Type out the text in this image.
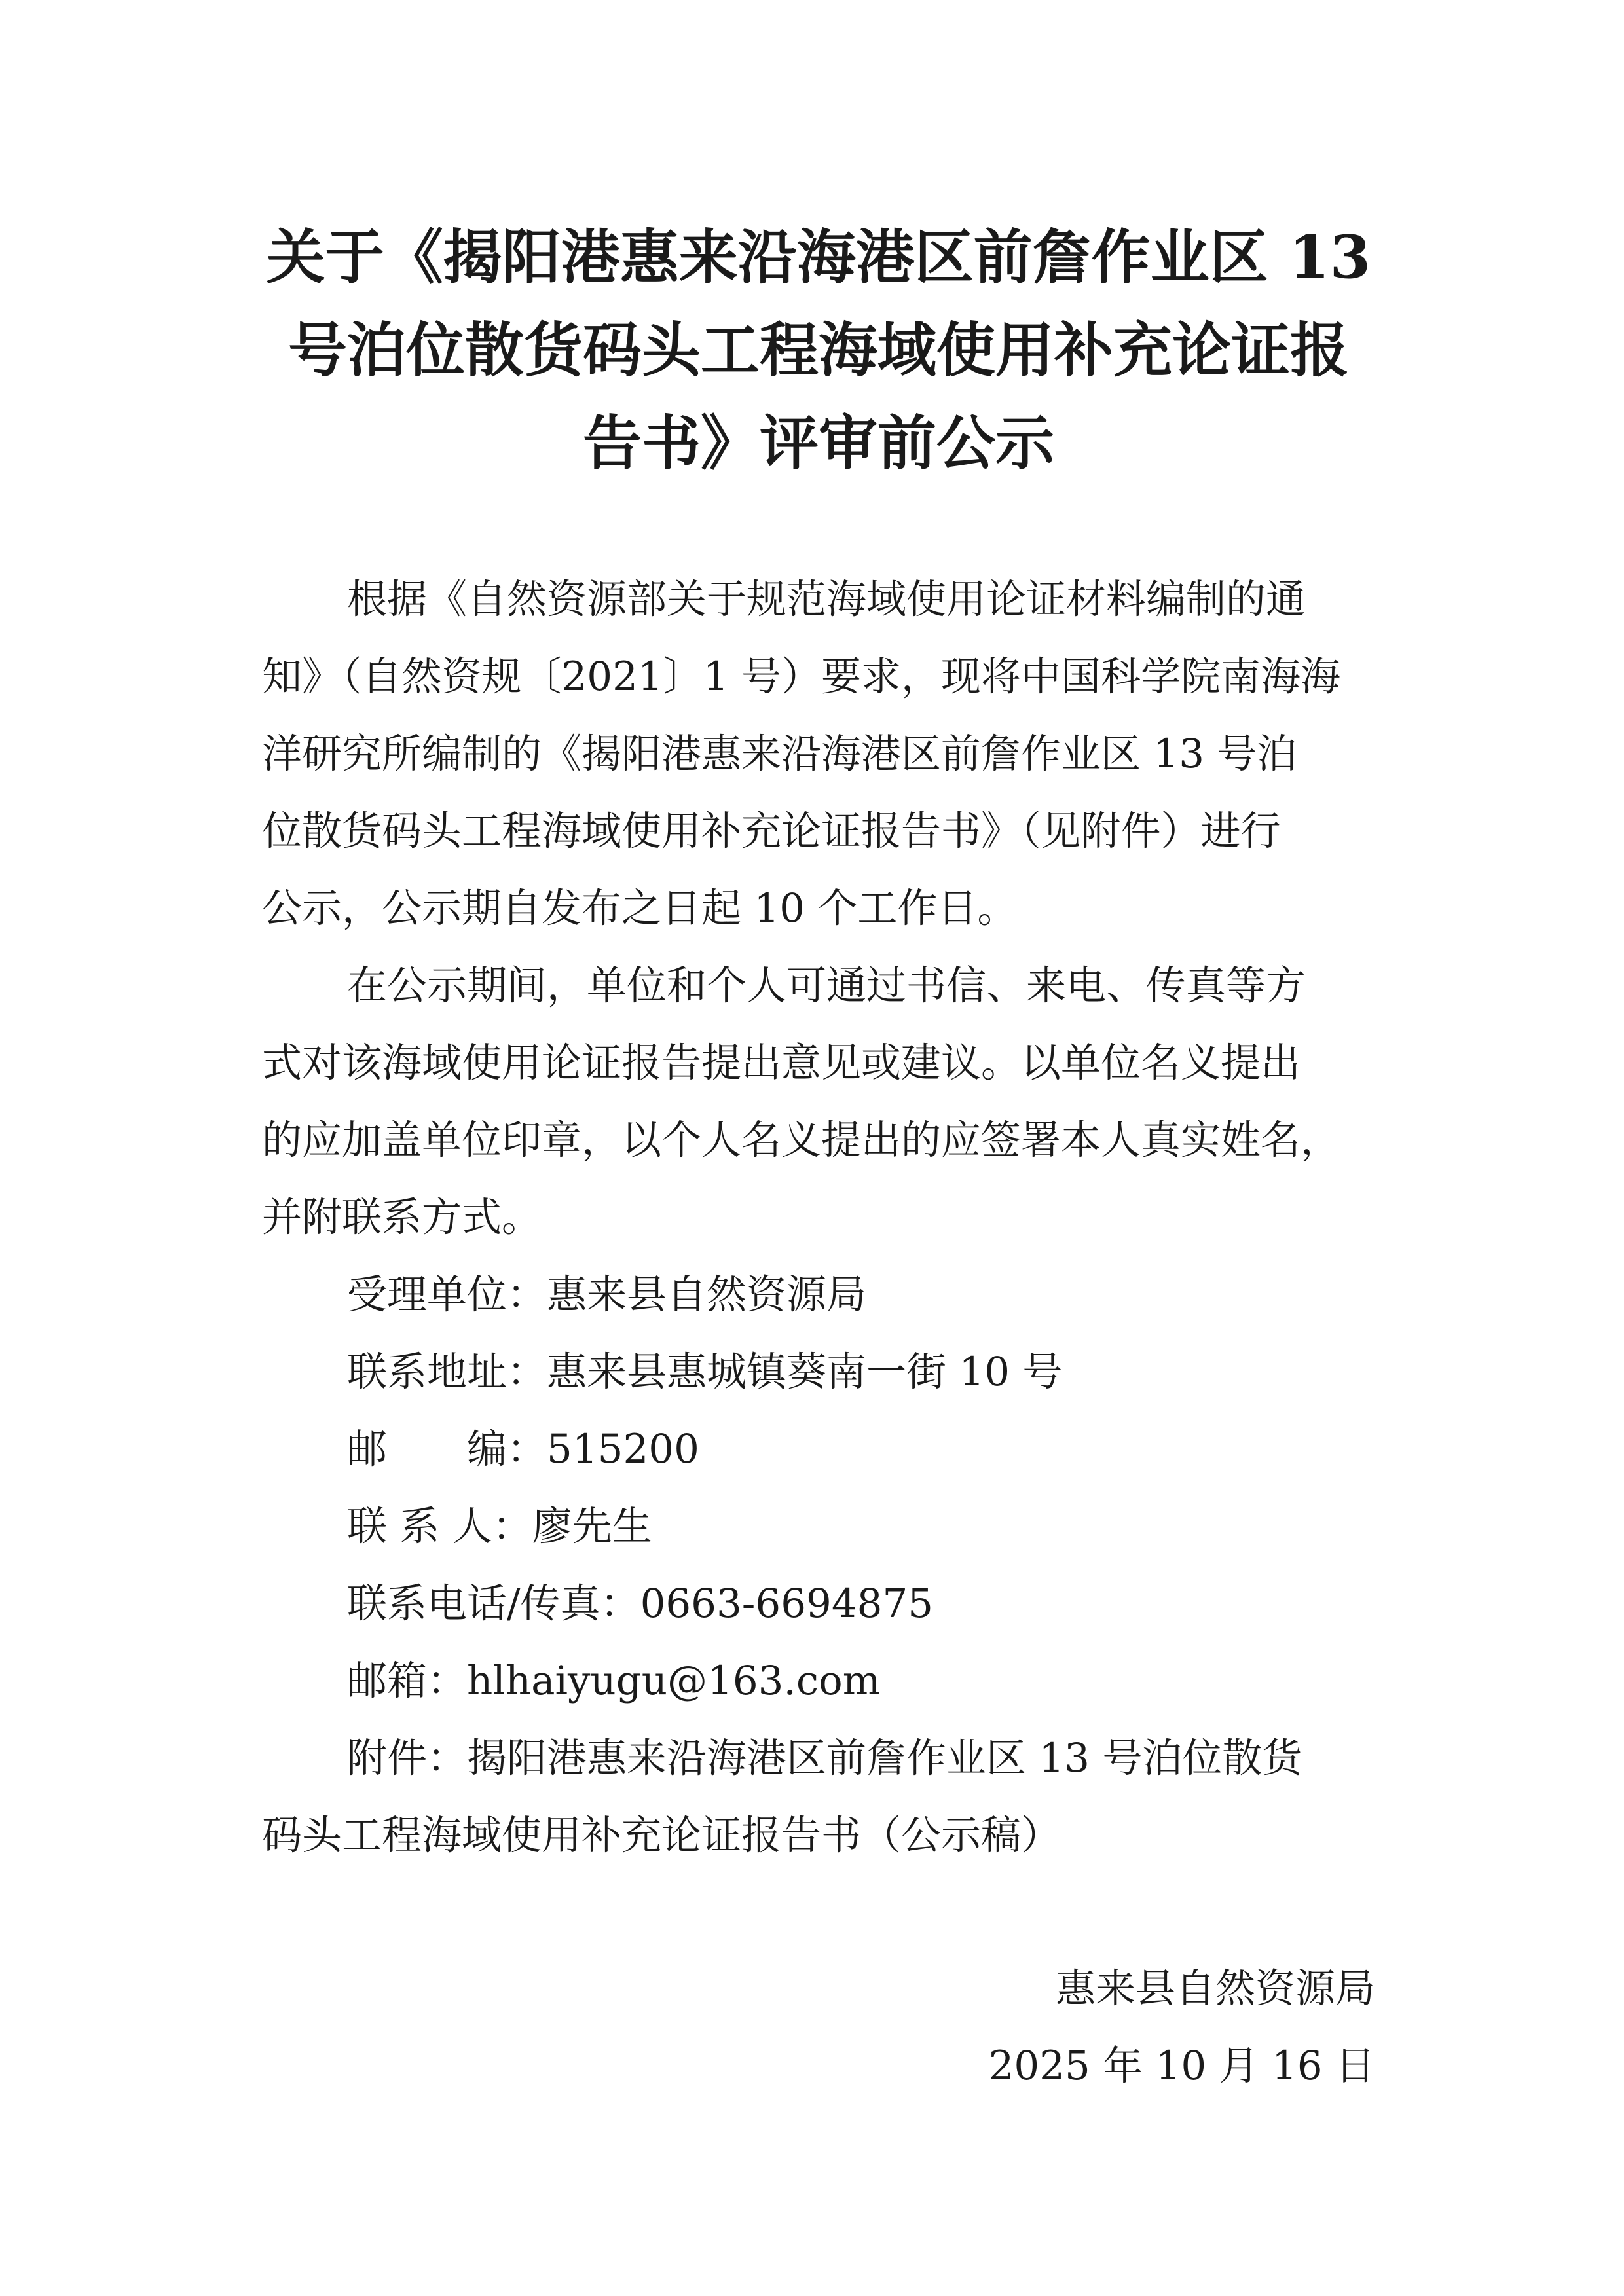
关于《揭阳港惠来沿海港区前詹作业区 13
号泊位散货码头工程海域使用补充论证报
告书》评审前公示

根据《自然资源部关于规范海域使用论证材料编制的通

知》（自然资规〔2021〕1 号）要求，现将中国科学院南海海

洋研究所编制的《揭阳港惠来沿海港区前詹作业区 13 号泊

位散货码头工程海域使用补充论证报告书》（见附件）进行

公示，公示期自发布之日起 10 个工作日。

在公示期间，单位和个人可通过书信、来电、传真等方

式对该海域使用论证报告提出意见或建议。以单位名义提出

的应加盖单位印章，以个人名义提出的应签署本人真实姓名，

并附联系方式。

受理单位：惠来县自然资源局

联系地址：惠来县惠城镇葵南一街 10 号

邮　　编：515200

联 系 人：廖先生

联系电话/传真：0663-6694875

邮箱：hlhaiyugu@163.com

附件：揭阳港惠来沿海港区前詹作业区 13 号泊位散货

码头工程海域使用补充论证报告书（公示稿）

惠来县自然资源局

2025 年 10 月 16 日
